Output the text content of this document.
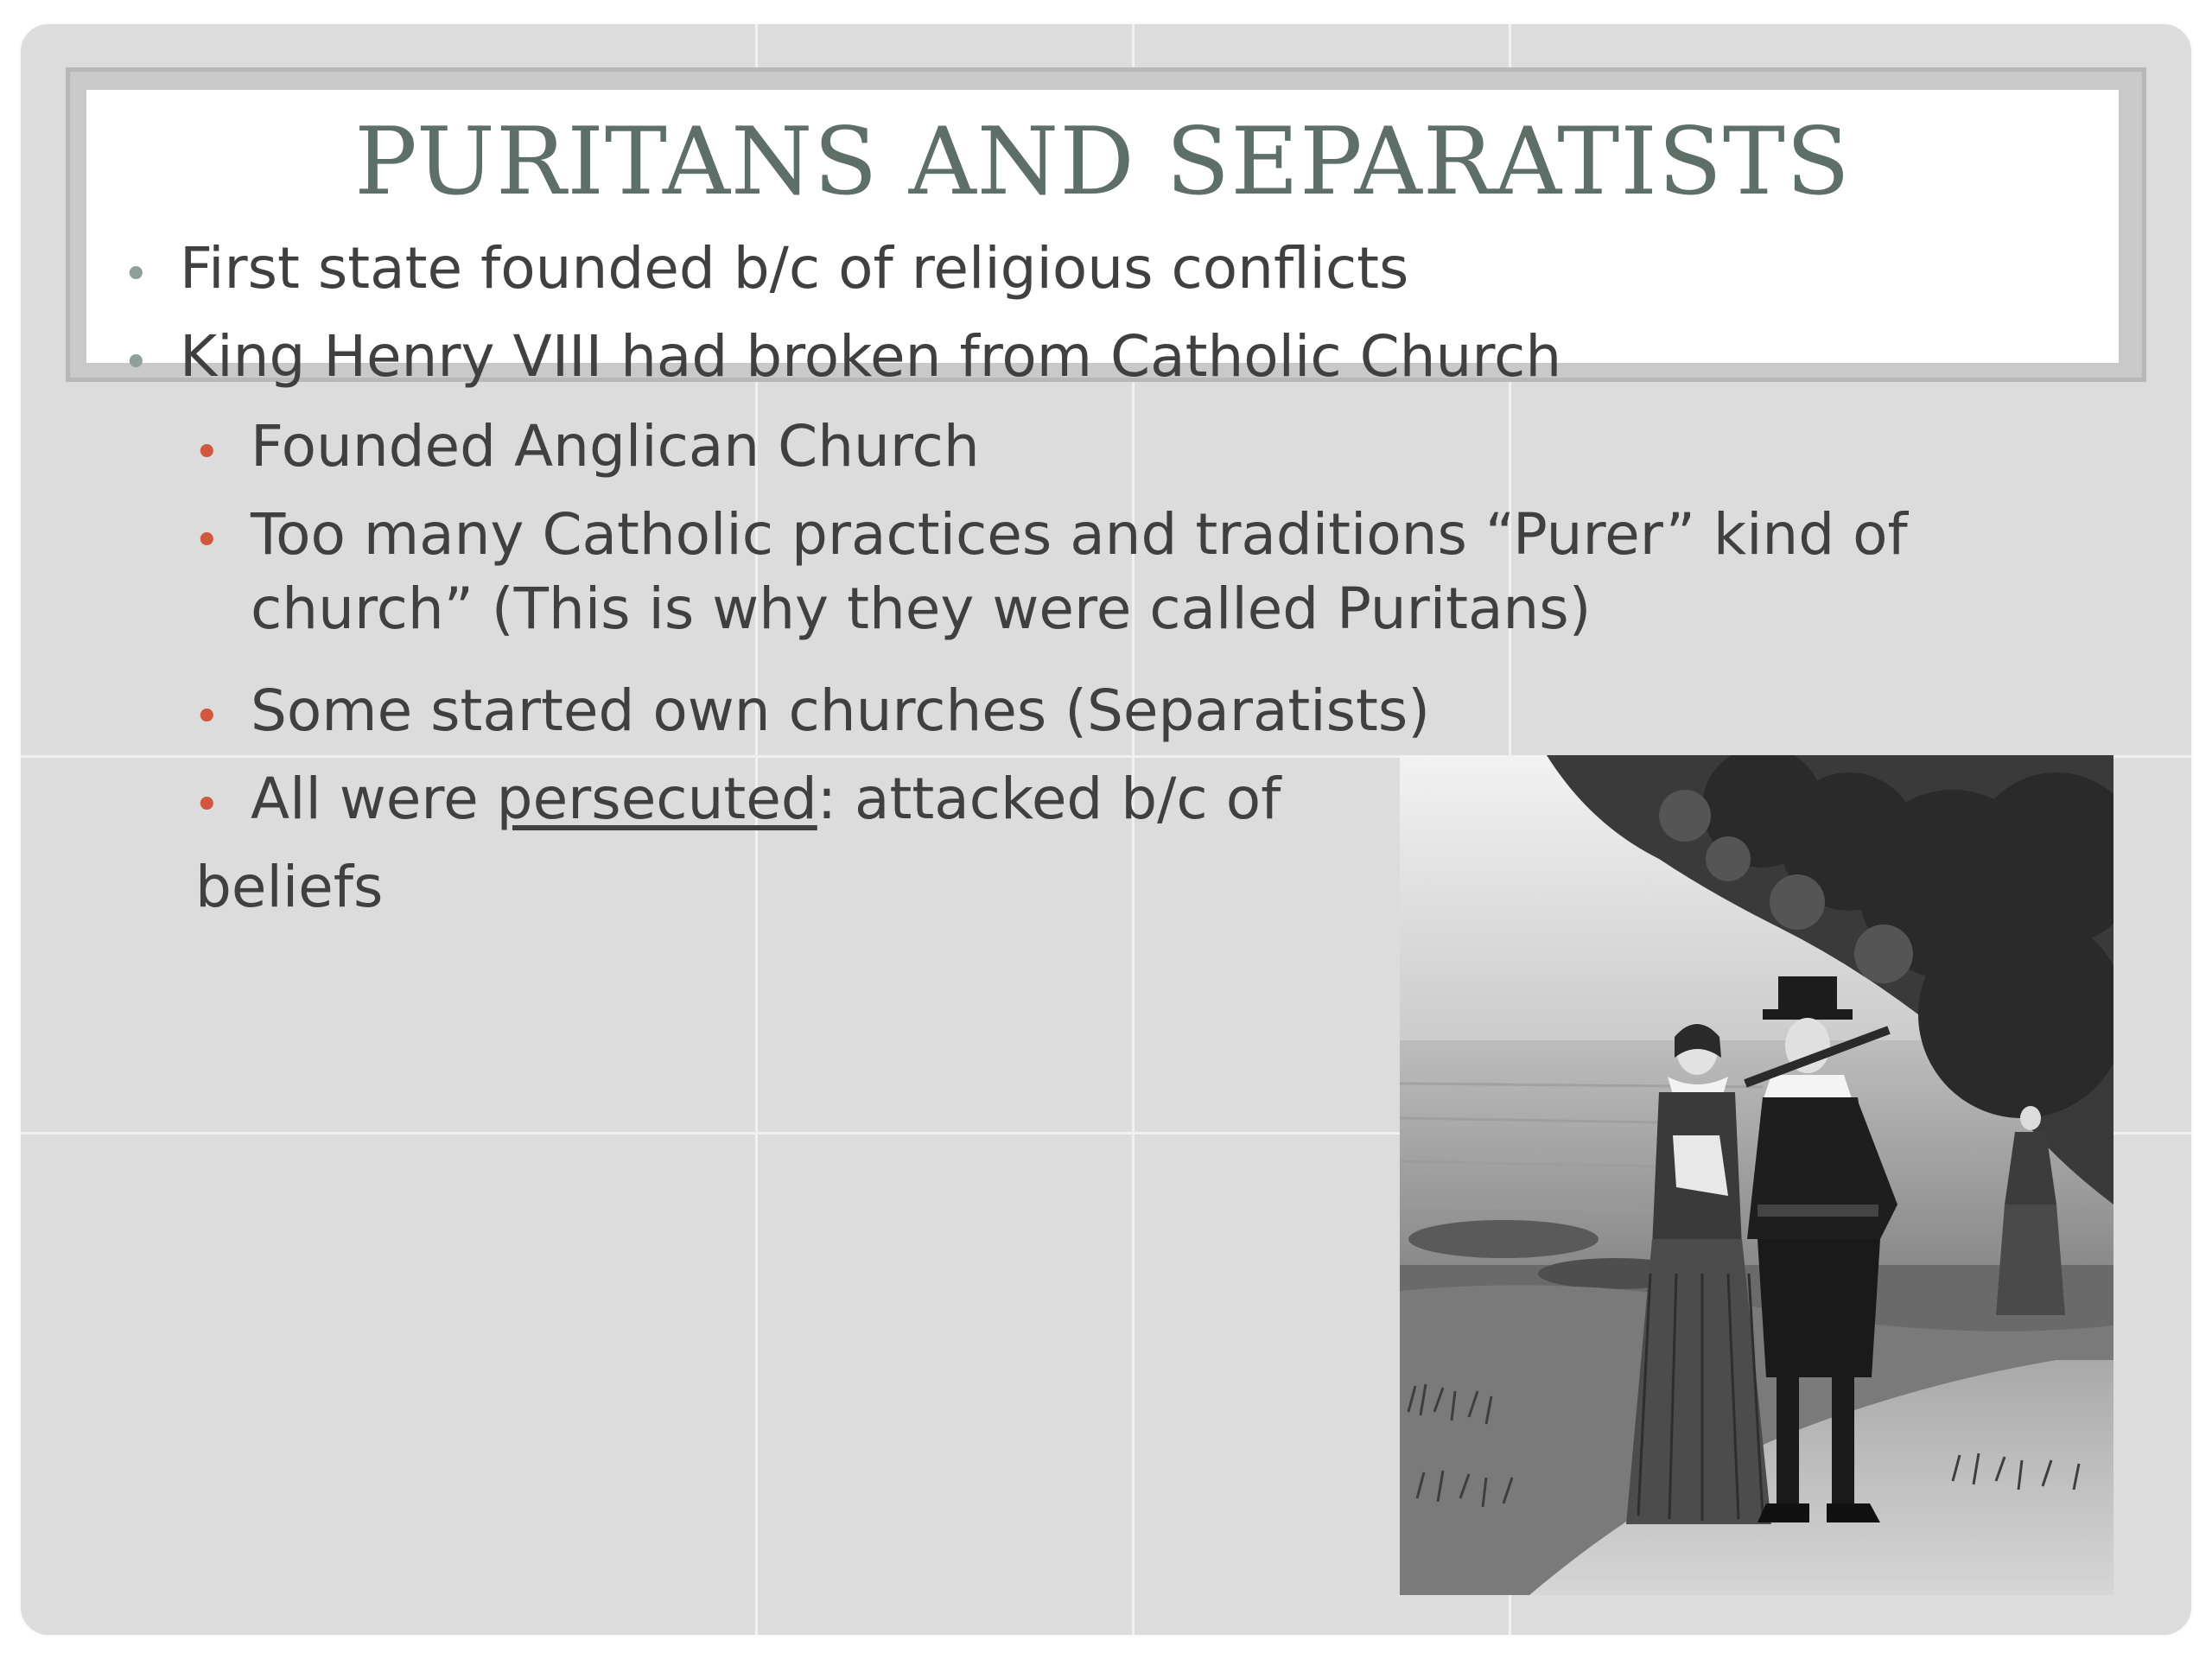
PURITANS AND SEPARATISTS
• First state founded b/c of religious conflicts
• King Henry VIII had broken from Catholic Church
• Founded Anglican Church
• Too many Catholic practices and traditions “Purer” kind of
church” (This is why they were called Puritans)
• Some started own churches (Separatists)
• All were persecuted: attacked b/c of
beliefs
